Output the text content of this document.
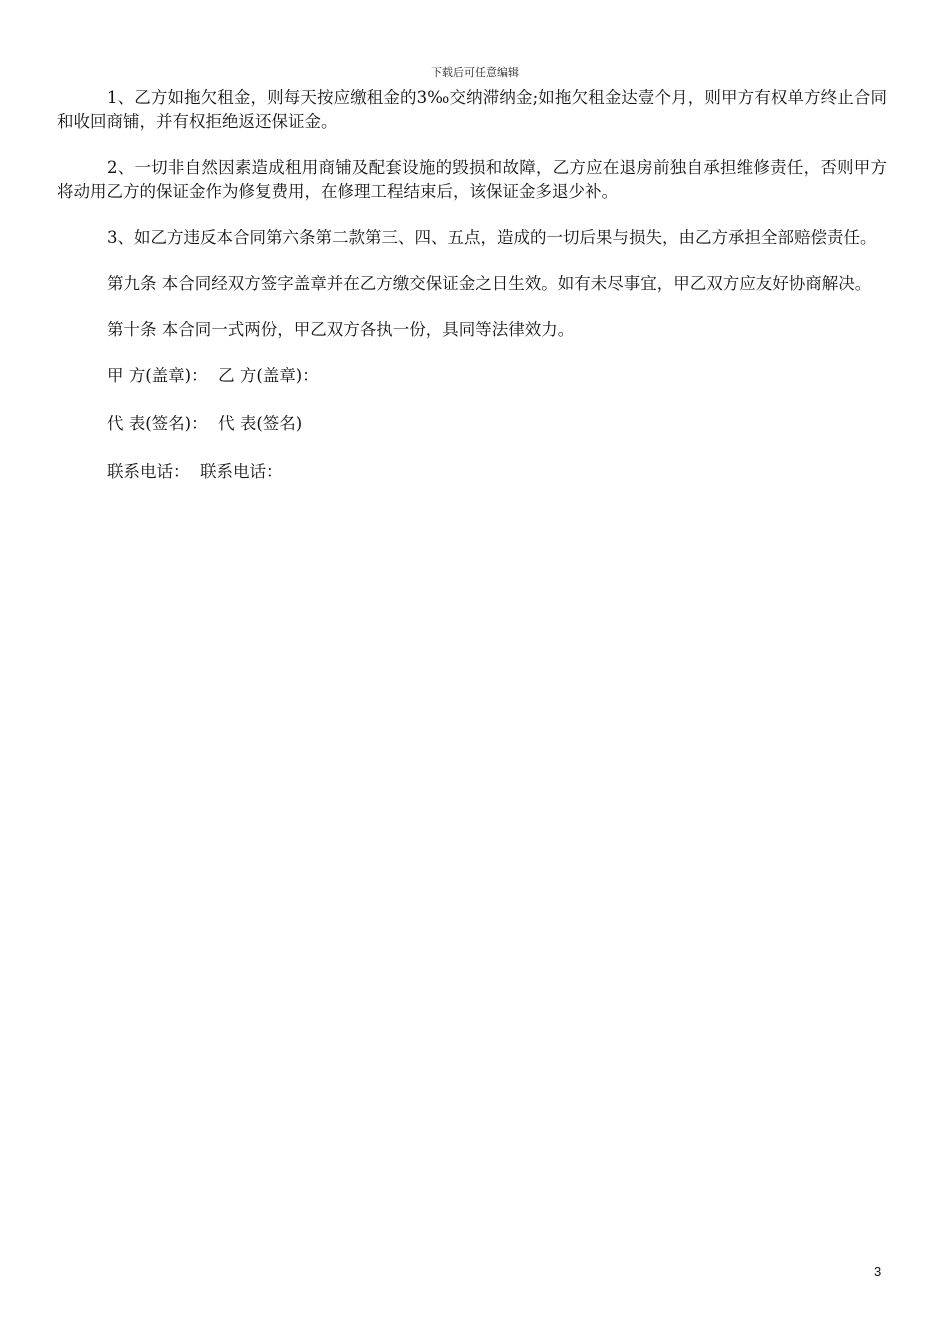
下载后可任意编辑

1、乙方如拖欠租金，则每天按应缴租金的3‰交纳滞纳金;如拖欠租金达壹个月，则甲方有权单方终止合同和收回商铺，并有权拒绝返还保证金。

2、一切非自然因素造成租用商铺及配套设施的毁损和故障，乙方应在退房前独自承担维修责任，否则甲方将动用乙方的保证金作为修复费用，在修理工程结束后，该保证金多退少补。

3、如乙方违反本合同第六条第二款第三、四、五点，造成的一切后果与损失，由乙方承担全部赔偿责任。

第九条 本合同经双方签字盖章并在乙方缴交保证金之日生效。如有未尽事宜，甲乙双方应友好协商解决。

第十条 本合同一式两份，甲乙双方各执一份，具同等法律效力。

甲 方(盖章)：  乙 方(盖章)：
代 表(签名)：  代 表(签名)
联系电话：  联系电话：
3
